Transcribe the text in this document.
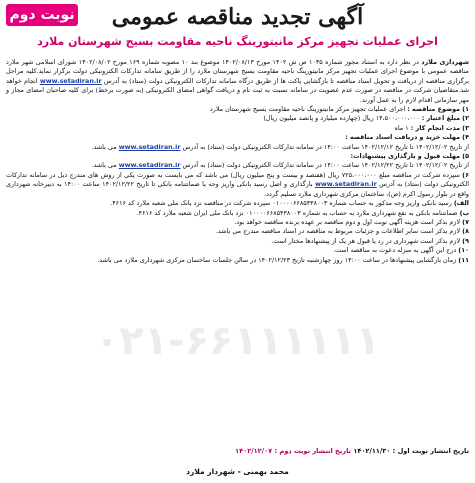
نوبت دوم	آگهی تجدید مناقصه عمومی
اجرای عملیات تجهیز مرکز مانیتورینگ ناحیه مقاومت بسیج شهرستان ملارد
۰۲۱-۶۶۱۱۱۱۱۱

شهرداری ملارد در نظر دارد به استناد مجوز شماره ۱۰۳۵ ص ش ۱۴۰۲ مورخ ۱۴۰۲/۰۸/۱۳ موضوع بند ۱۰ مصوبه شماره ۱۶۹ مورخ ۱۴۰۲/۰۸/۰۲ شورای اسلامی شهر ملارد مناقصه عمومی با موضوع اجرای عملیات تجهیز مرکز مانیتورینگ ناحیه مقاومت بسیج شهرستان ملارد را از طریق سامانه تدارکات الکترونیکی دولت برگزار نماید.کلیه مراحل برگزاری مناقصه از دریافت و تحویل اسناد مناقصه تا بازگشایی پاکت ها از طریق درگاه سامانه تدارکات الکترونیکی دولت (ستاد) به آدرس www.setadiran.ir انجام خواهد شد.متقاضیان شرکت در مناقصه در صورت عدم عضویت در سامانه نسبت به ثبت نام و دریافت گواهی امضای الکترونیکی (به صورت برخط) برای کلیه صاحبان امضای مجاز و مهر سازمانی اقدام لازم را به عمل آورند.

۱) موضوع مناقصه : اجرای عملیات تجهیز مرکز مانیتورینگ ناحیه مقاومت بسیج شهرستان ملارد

۲) مبلغ اعتبار : ۱۴،۵۰۰،۰۰۰،۰۰۰ ریال (چهارده میلیارد و پانصد میلیون ریال)

۳) مدت انجام کار : ۱ ماه

۴) مهلت خرید و دریافت اسناد مناقصه :

از تاریخ ۱۴۰۲/۱۲/۰۲ تا تاریخ ۱۴۰۲/۱۲/۱۲ ساعت ۱۴:۰۰ در سامانه تدارکات الکترونیکی دولت (ستاد) به آدرس www.setadiran.ir می باشد.

۵) مهلت قبول و بارگذاری پیشنهادات:

از تاریخ ۱۴۰۲/۱۲/۰۲ تا تاریخ ۱۴۰۲/۱۲/۲۲ ساعت ۱۴:۰۰ در سامانه تدارکات الکترونیکی دولت (ستاد) به آدرس www.setadiran.ir می باشد.

۶) سپرده شرکت در مناقصه مبلغ ۷۲۵،۰۰۰،۰۰۰ ریال (هفتصد و بیست و پنج میلیون ریال) می باشد که می بایست به صورت یکی از روش های مندرج ذیل در سامانه تدارکات الکترونیکی دولت (ستاد) به آدرس www.setadiran.ir بارگذاری و اصل رسید بانکی واریز وجه یا ضمانتنامه بانکی تا تاریخ ۱۴۰۲/۱۲/۲۲ ساعت ۱۴:۰۰ به دبیرخانه شهرداری واقع در بلوار رسول اکرم (ص)، ساختمان مرکزی شهرداری ملارد تسلیم گردد.

الف) رسید بانکی واریز وجه مذکور به حساب شماره ۰۱۰۰۰۰۶۶۸۵۴۳۸۰۰۳ سپرده شرکت در مناقصه نزد بانک ملی شعبه ملارد کد ۴۶۱۶.

ب) ضمانتنامه بانکی به نفع شهرداری ملارد به حساب به شماره ۰۱۰۰۰۰۶۶۸۵۴۳۸۰۰۳ نزد بانک ملی ایران شعبه ملارد کد ۴۶۱۶.

۷) لازم بذکر است هزینه آگهی نوبت اول و دوم مناقصه بر عهده برنده مناقصه خواهد بود.

۸) لازم بذکر است سایر اطلاعات و جزئیات مربوط به مناقصه در اسناد مناقصه مندرج می باشد.

۹) لازم بذکر است شهرداری در رد یا قبول هر یک از پیشنهادها مختار است.

۱۰) درج این آگهی به منزله دعوت به مناقصه است.

۱۱) زمان بازگشایی پیشنهادها در ساعت ۱۴:۰۰ روز چهارشنبه تاریخ ۱۴۰۲/۱۲/۲۳ در سالن جلسات ساختمان مرکزی شهرداری ملارد می باشد.

تاریخ انتشار نوبت اول : ۱۴۰۲/۱۱/۳۰ تاریخ انتشار نوبت دوم : ۱۴۰۲/۱۲/۰۷
محمد بهمنی - شهردار ملارد
